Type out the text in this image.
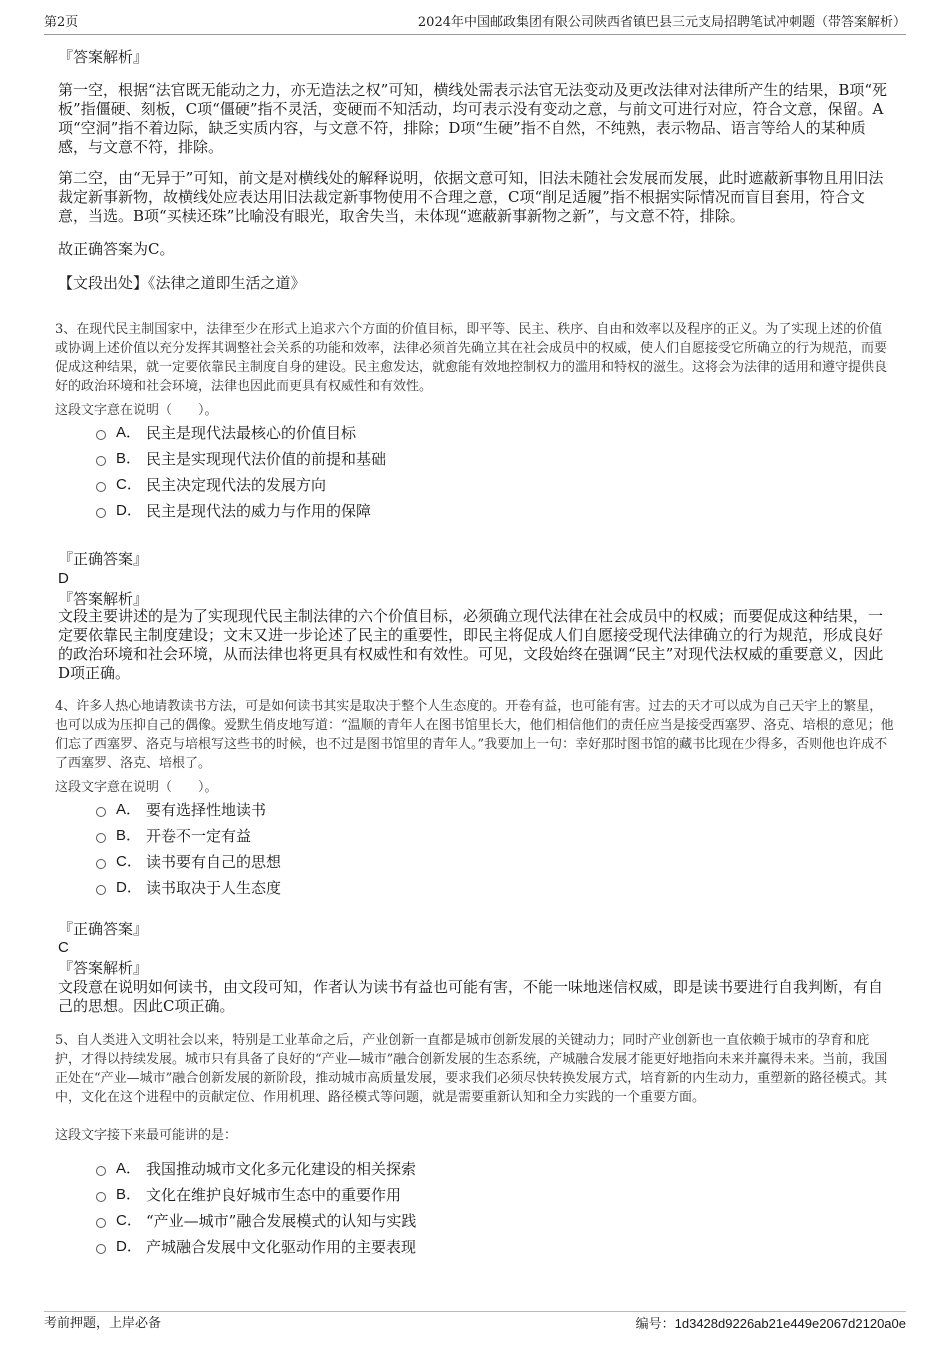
第2页	2024年中国邮政集团有限公司陕西省镇巴县三元支局招聘笔试冲刺题（带答案解析）
『答案解析』
第一空，根据“法官既无能动之力，亦无造法之权”可知，横线处需表示法官无法变动及更改法律对法律所产生的结果，B项“死板”指僵硬、刻板，C项“僵硬”指不灵活，变硬而不知活动，均可表示没有变动之意，与前文可进行对应，符合文意，保留。A项“空洞”指不着边际，缺乏实质内容，与文意不符，排除；D项“生硬”指不自然，不纯熟，表示物品、语言等给人的某种质感，与文意不符，排除。
第二空，由“无异于”可知，前文是对横线处的解释说明，依据文意可知，旧法未随社会发展而发展，此时遮蔽新事物且用旧法裁定新事新物，故横线处应表达用旧法裁定新事物使用不合理之意，C项“削足适履”指不根据实际情况而盲目套用，符合文意，当选。B项“买椟还珠”比喻没有眼光，取舍失当，未体现“遮蔽新事新物之新”，与文意不符，排除。
故正确答案为C。
【文段出处】《法律之道即生活之道》
3、在现代民主制国家中，法律至少在形式上追求六个方面的价值目标，即平等、民主、秩序、自由和效率以及程序的正义。为了实现上述的价值或协调上述价值以充分发挥其调整社会关系的功能和效率，法律必须首先确立其在社会成员中的权威，使人们自愿接受它所确立的行为规范，而要促成这种结果，就一定要依靠民主制度自身的建设。民主愈发达，就愈能有效地控制权力的滥用和特权的滋生。这将会为法律的适用和遵守提供良好的政治环境和社会环境，法律也因此而更具有权威性和有效性。
这段文字意在说明（　　）。
A． 民主是现代法最核心的价值目标
B． 民主是实现现代法价值的前提和基础
C． 民主决定现代法的发展方向
D． 民主是现代法的威力与作用的保障
『正确答案』
D
『答案解析』
文段主要讲述的是为了实现现代民主制法律的六个价值目标，必须确立现代法律在社会成员中的权威；而要促成这种结果，一定要依靠民主制度建设；文末又进一步论述了民主的重要性，即民主将促成人们自愿接受现代法律确立的行为规范，形成良好的政治环境和社会环境，从而法律也将更具有权威性和有效性。可见，文段始终在强调“民主”对现代法权威的重要意义，因此D项正确。
4、许多人热心地请教读书方法，可是如何读书其实是取决于整个人生态度的。开卷有益，也可能有害。过去的天才可以成为自己天宇上的繁星，也可以成为压抑自己的偶像。爱默生俏皮地写道：“温顺的青年人在图书馆里长大，他们相信他们的责任应当是接受西塞罗、洛克、培根的意见；他们忘了西塞罗、洛克与培根写这些书的时候，也不过是图书馆里的青年人。”我要加上一句：幸好那时图书馆的藏书比现在少得多，否则他也许成不了西塞罗、洛克、培根了。
这段文字意在说明（　　）。
A． 要有选择性地读书
B． 开卷不一定有益
C． 读书要有自己的思想
D． 读书取决于人生态度
『正确答案』
C
『答案解析』
文段意在说明如何读书，由文段可知，作者认为读书有益也可能有害，不能一味地迷信权威，即是读书要进行自我判断，有自己的思想。因此C项正确。
5、自人类进入文明社会以来，特别是工业革命之后，产业创新一直都是城市创新发展的关键动力；同时产业创新也一直依赖于城市的孕育和庇护，才得以持续发展。城市只有具备了良好的“产业—城市”融合创新发展的生态系统，产城融合发展才能更好地指向未来并赢得未来。当前，我国正处在“产业—城市”融合创新发展的新阶段，推动城市高质量发展，要求我们必须尽快转换发展方式，培育新的内生动力，重塑新的路径模式。其中，文化在这个进程中的贡献定位、作用机理、路径模式等问题，就是需要重新认知和全力实践的一个重要方面。
这段文字接下来最可能讲的是：
A． 我国推动城市文化多元化建设的相关探索
B． 文化在维护良好城市生态中的重要作用
C． “产业—城市”融合发展模式的认知与实践
D． 产城融合发展中文化驱动作用的主要表现
考前押题，上岸必备	编号：1d3428d9226ab21e449e2067d2120a0e
